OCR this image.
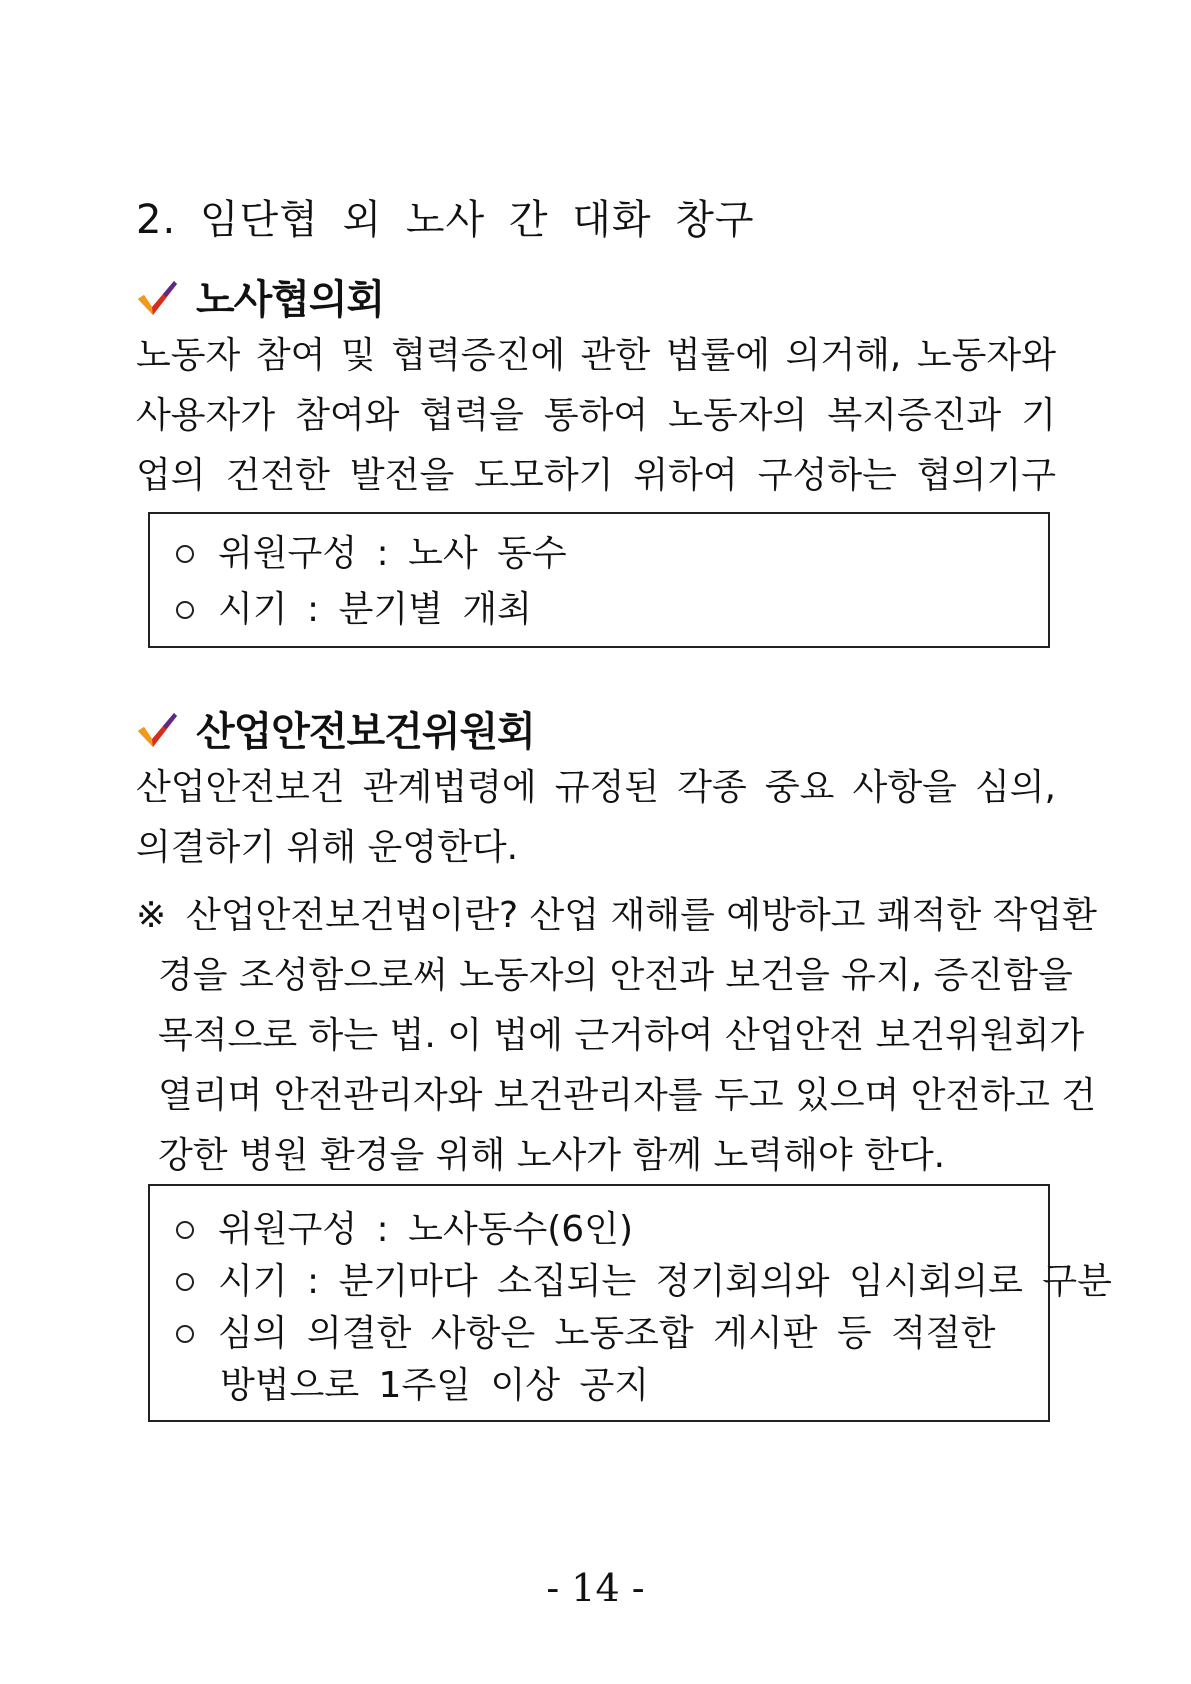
2. 임단협 외 노사 간 대화 창구
노사협의회
노동자 참여 및 협력증진에 관한 법률에 의거해, 노동자와
사용자가 참여와 협력을 통하여 노동자의 복지증진과 기
업의 건전한 발전을 도모하기 위하여 구성하는 협의기구
위원구성 : 노사 동수
시기 : 분기별 개최
산업안전보건위원회
산업안전보건 관계법령에 규정된 각종 중요 사항을 심의,
의결하기 위해 운영한다.
※ 산업안전보건법이란? 산업 재해를 예방하고 쾌적한 작업환
경을 조성함으로써 노동자의 안전과 보건을 유지, 증진함을
목적으로 하는 법. 이 법에 근거하여 산업안전 보건위원회가
열리며 안전관리자와 보건관리자를 두고 있으며 안전하고 건
강한 병원 환경을 위해 노사가 함께 노력해야 한다.
위원구성 : 노사동수(6인)
시기 : 분기마다 소집되는 정기회의와 임시회의로 구분
심의 의결한 사항은 노동조합 게시판 등 적절한
방법으로 1주일 이상 공지
- 14 -
